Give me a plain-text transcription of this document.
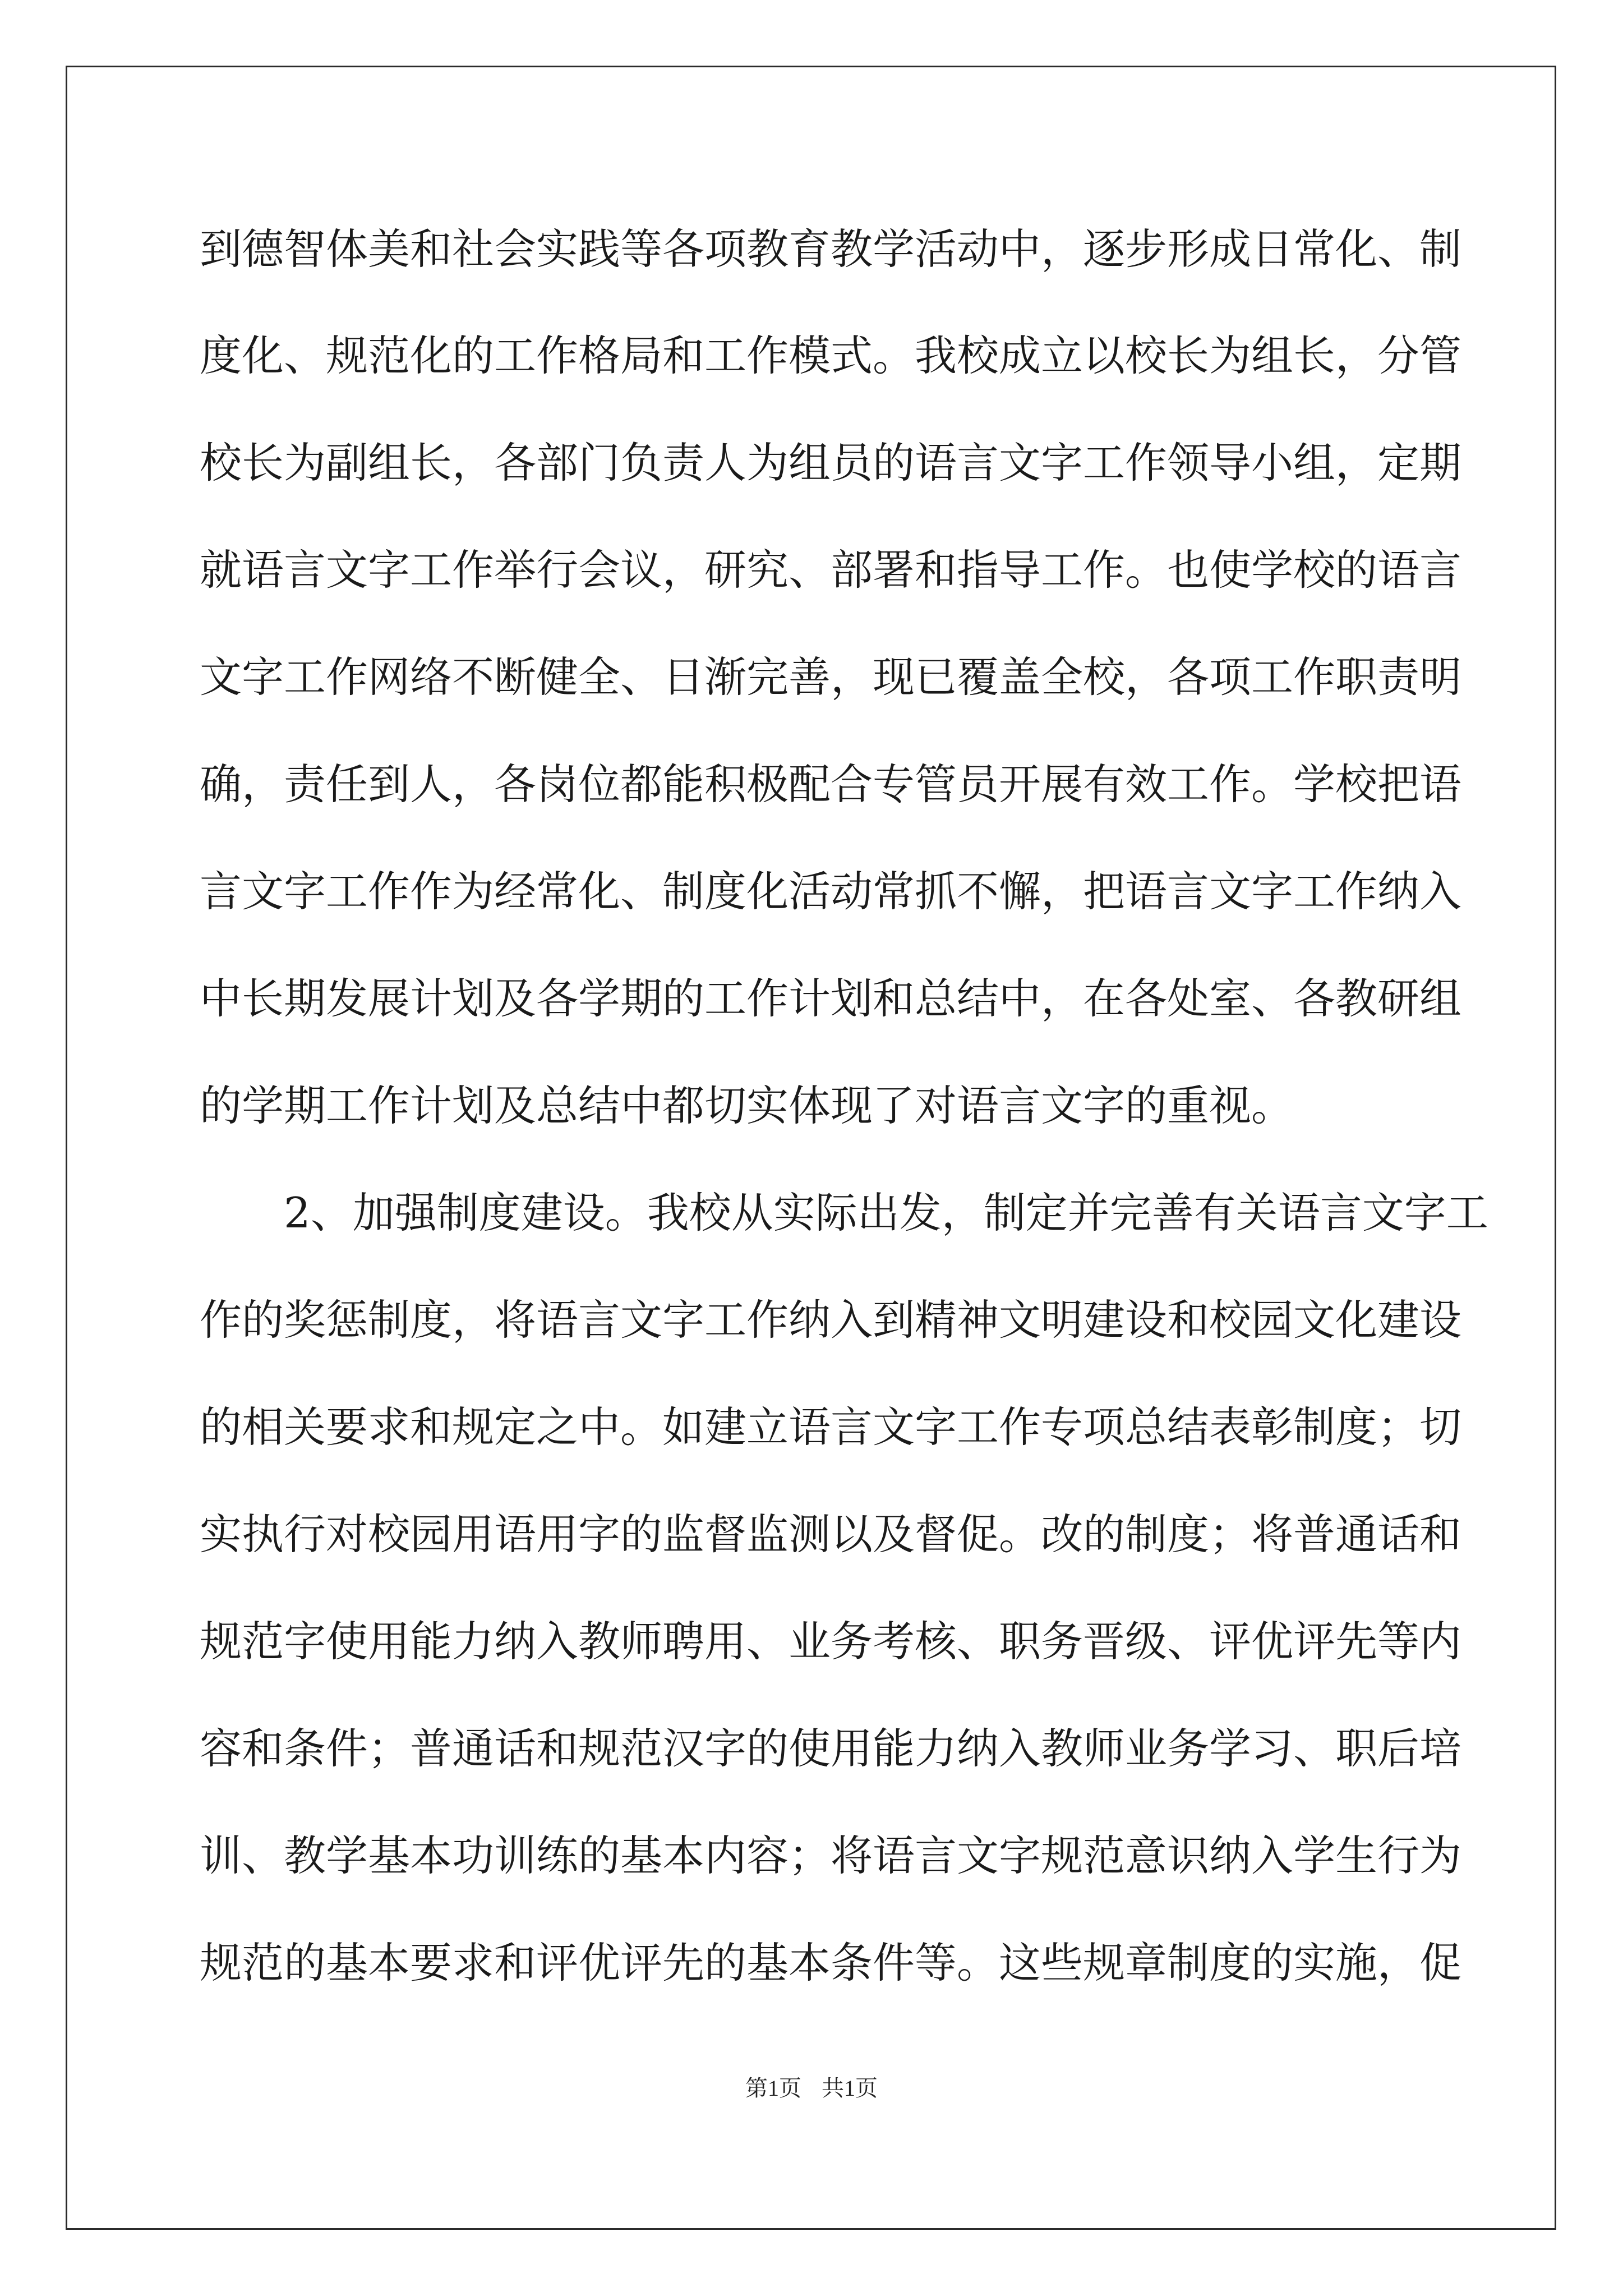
到德智体美和社会实践等各项教育教学活动中，逐步形成日常化、制
度化、规范化的工作格局和工作模式。我校成立以校长为组长，分管
校长为副组长，各部门负责人为组员的语言文字工作领导小组，定期
就语言文字工作举行会议，研究、部署和指导工作。也使学校的语言
文字工作网络不断健全、日渐完善，现已覆盖全校，各项工作职责明
确，责任到人，各岗位都能积极配合专管员开展有效工作。学校把语
言文字工作作为经常化、制度化活动常抓不懈，把语言文字工作纳入
中长期发展计划及各学期的工作计划和总结中，在各处室、各教研组
的学期工作计划及总结中都切实体现了对语言文字的重视。
　　2、加强制度建设。我校从实际出发，制定并完善有关语言文字工
作的奖惩制度，将语言文字工作纳入到精神文明建设和校园文化建设
的相关要求和规定之中。如建立语言文字工作专项总结表彰制度；切
实执行对校园用语用字的监督监测以及督促。改的制度；将普通话和
规范字使用能力纳入教师聘用、业务考核、职务晋级、评优评先等内
容和条件；普通话和规范汉字的使用能力纳入教师业务学习、职后培
训、教学基本功训练的基本内容；将语言文字规范意识纳入学生行为
规范的基本要求和评优评先的基本条件等。这些规章制度的实施，促
第1页 共1页
